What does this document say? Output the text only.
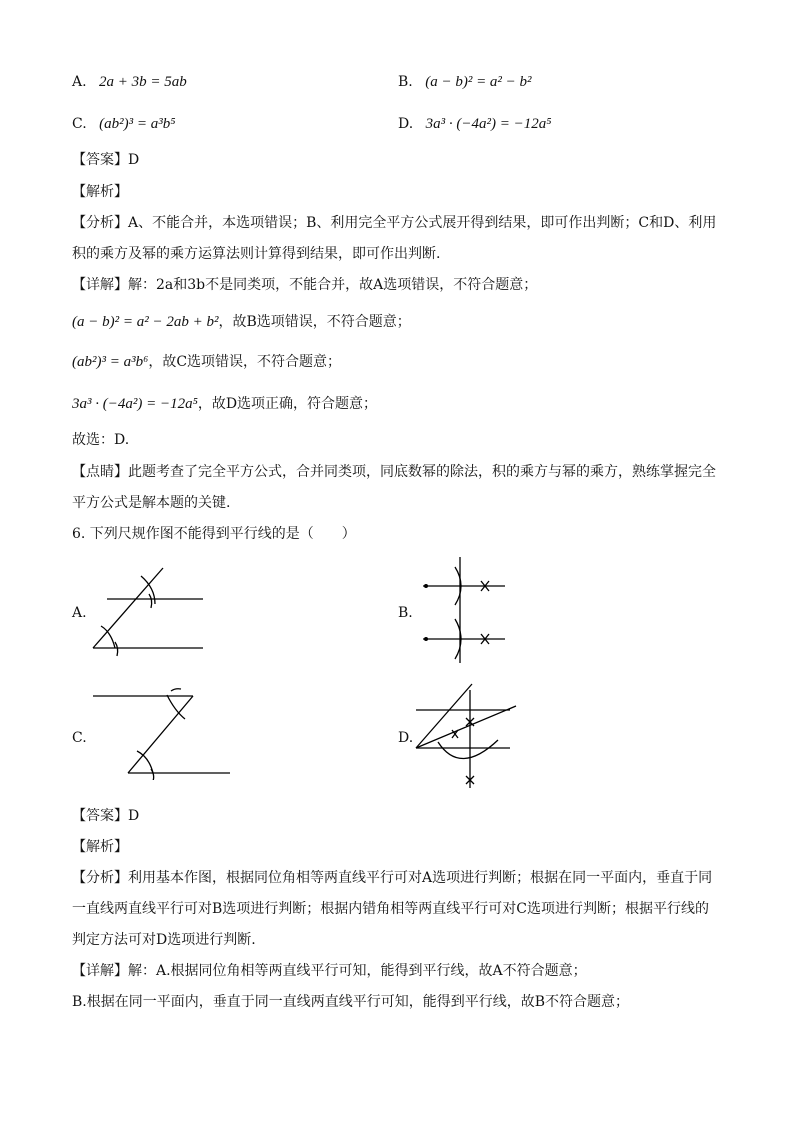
A. 2a + 3b = 5ab	B. (a − b)² = a² − b²
C. (ab²)³ = a³b⁵	D. 3a³ · (−4a²) = −12a⁵
【答案】D
【解析】
【分析】A、不能合并，本选项错误；B、利用完全平方公式展开得到结果，即可作出判断；C和D、利用
积的乘方及幂的乘方运算法则计算得到结果，即可作出判断.
【详解】解：2a和3b不是同类项，不能合并，故A选项错误，不符合题意；
(a − b)² = a² − 2ab + b²，故B选项错误，不符合题意；
(ab²)³ = a³b⁶，故C选项错误，不符合题意；
3a³ · (−4a²) = −12a⁵，故D选项正确，符合题意；
故选：D.
【点睛】此题考查了完全平方公式，合并同类项，同底数幂的除法，积的乘方与幂的乘方，熟练掌握完全
平方公式是解本题的关键.
6. 下列尺规作图不能得到平行线的是（　　）
A.	B.
C.	D.
【答案】D
【解析】
【分析】利用基本作图，根据同位角相等两直线平行可对A选项进行判断；根据在同一平面内，垂直于同
一直线两直线平行可对B选项进行判断；根据内错角相等两直线平行可对C选项进行判断；根据平行线的
判定方法可对D选项进行判断.
【详解】解：A.根据同位角相等两直线平行可知，能得到平行线，故A不符合题意；
B.根据在同一平面内，垂直于同一直线两直线平行可知，能得到平行线，故B不符合题意；
